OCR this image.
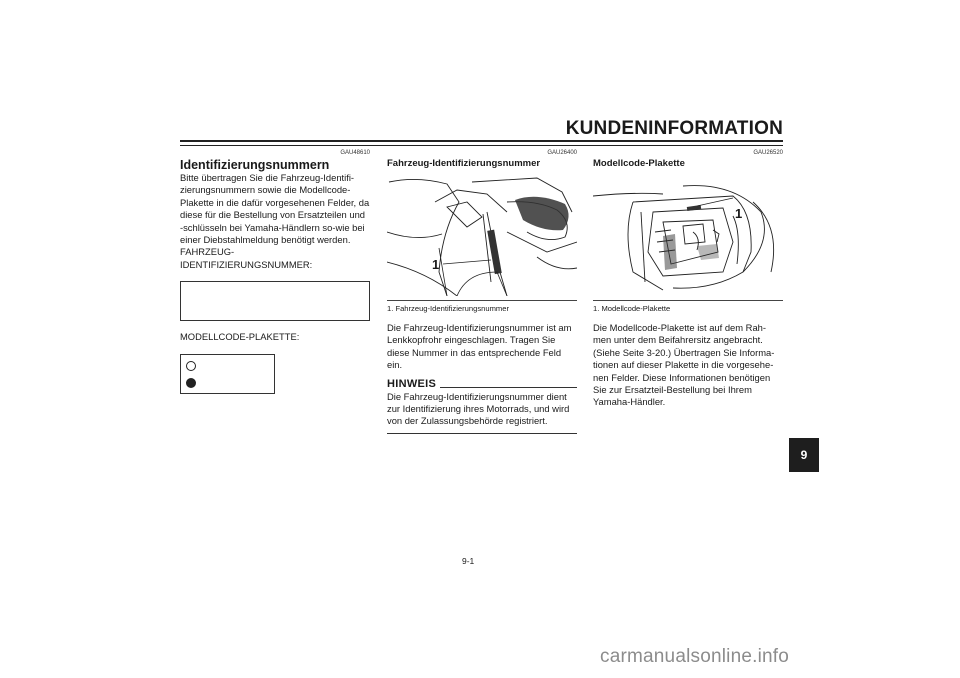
KUNDENINFORMATION
GAU48610
Identifizierungsnummern
Bitte übertragen Sie die Fahrzeug-Identifi-zierungsnummern sowie die Modellcode-Plakette in die dafür vorgesehenen Felder, da diese für die Bestellung von Ersatzteilen und -schlüsseln bei Yamaha-Händlern so-wie bei einer Diebstahlmeldung benötigt werden.
FAHRZEUG-
IDENTIFIZIERUNGSNUMMER:
MODELLCODE-PLAKETTE:
GAU26400
Fahrzeug-Identifizierungsnummer
1
1. Fahrzeug-Identifizierungsnummer
Die Fahrzeug-Identifizierungsnummer ist am Lenkkopfrohr eingeschlagen. Tragen Sie diese Nummer in das entsprechende Feld ein.
HINWEIS
Die Fahrzeug-Identifizierungsnummer dient zur Identifizierung ihres Motorrads, und wird von der Zulassungsbehörde registriert.
GAU26520
Modellcode-Plakette
1
1. Modellcode-Plakette
Die Modellcode-Plakette ist auf dem Rah-men unter dem Beifahrersitz angebracht. (Siehe Seite 3-20.) Übertragen Sie Informa-tionen auf dieser Plakette in die vorgesehe-nen Felder. Diese Informationen benötigen Sie zur Ersatzteil-Bestellung bei Ihrem Yamaha-Händler.
9
9-1
carmanualsonline.info
